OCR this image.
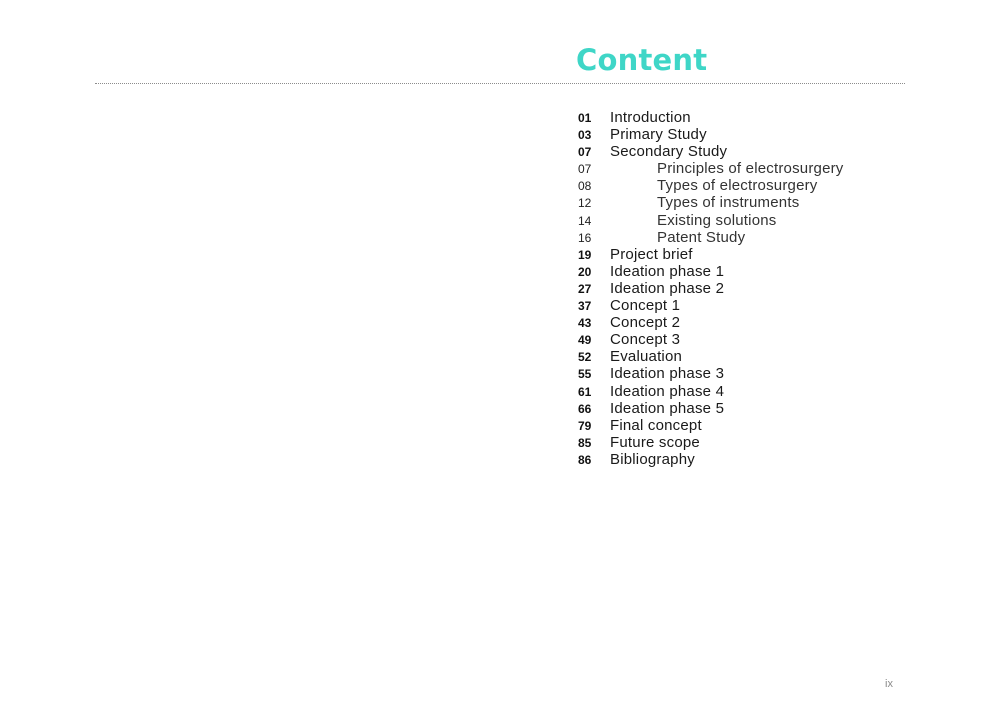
Content
01 Introduction
03 Primary Study
07 Secondary Study
07	Principles of electrosurgery
08	Types of electrosurgery
12	Types of instruments
14	Existing solutions
16	Patent Study
19 Project brief
20 Ideation phase 1
27 Ideation phase 2
37 Concept 1
43 Concept 2
49 Concept 3
52 Evaluation
55 Ideation phase 3
61 Ideation phase 4
66 Ideation phase 5
79 Final concept
85 Future scope
86 Bibliography
ix
